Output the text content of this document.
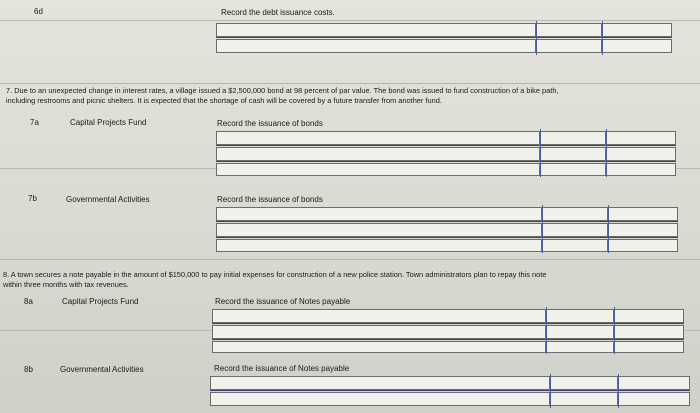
6d	Record the debt issuance costs.
7. Due to an unexpected change in interest rates, a village issued a $2,500,000 bond at 98 percent of par value. The bond was issued to fund construction of a bike path,
including restrooms and picnic shelters. It is expected that the shortage of cash will be covered by a future transfer from another fund.
7a	Capital Projects Fund	Record the issuance of bonds
7b	Governmental Activities	Record the issuance of bonds
8. A town secures a note payable in the amount of $150,000 to pay initial expenses for construction of a new police station. Town administrators plan to repay this note
within three months with tax revenues.
8a	Capital Projects Fund	Record the issuance of Notes payable
8b	Governmental Activities	Record the issuance of Notes payable
